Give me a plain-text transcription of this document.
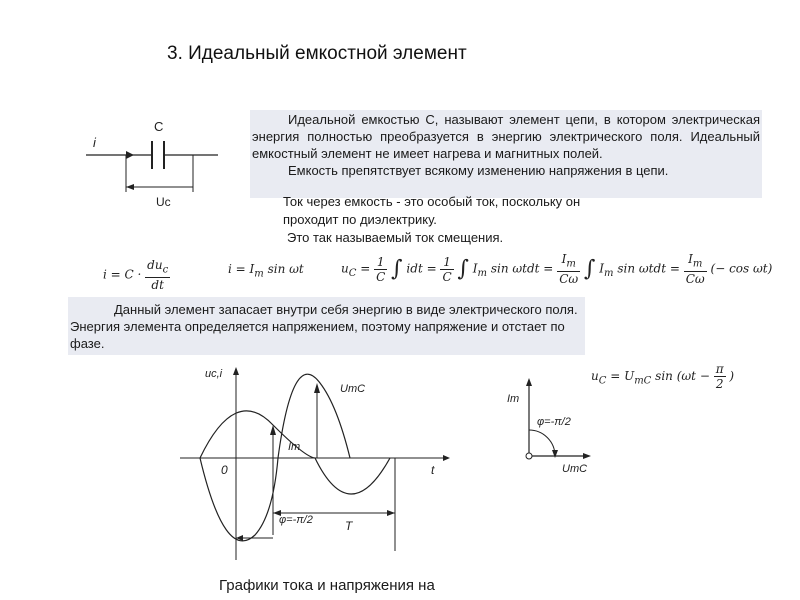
3. Идеальный емкостной элемент
i
C
Uc
Идеальной емкостью С, называют элемент цепи, в котором электрическая энергия полностью преобразуется в энергию электрического поля. Идеальный емкостный элемент не имеет нагрева и магнитных полей.
Емкость препятствует всякому изменению напряжения в цепи.
Ток через емкость - это особый ток, поскольку он
проходит по диэлектрику.
Это так называемый ток смещения.
$i = C \cdot \frac{du_c}{dt}$	$i = I_m$ sin ωt	$u_C = \frac{1}{C}$ ∫ idt = $\frac{1}{C}$ ∫ $I_m$ $\sin \omega tdt = \frac{I_m}{C\omega}$ ∫ $I_m$ $\sin \omega tdt = \frac{I_m}{C\omega}$ (− cos ωt)
Данный элемент запасает внутри себя энергию в виде электрического поля. Энергия элемента определяется напряжением, поэтому напряжение и отстает по фазе.
$u_C = U_{mC}$ $\sin (\omega t - \frac{\pi}{2}$ )
uc,i
t
0
UmC
Im
φ=-π/2	T
Im
φ=-π/2
UmC
Графики тока и напряжения на
